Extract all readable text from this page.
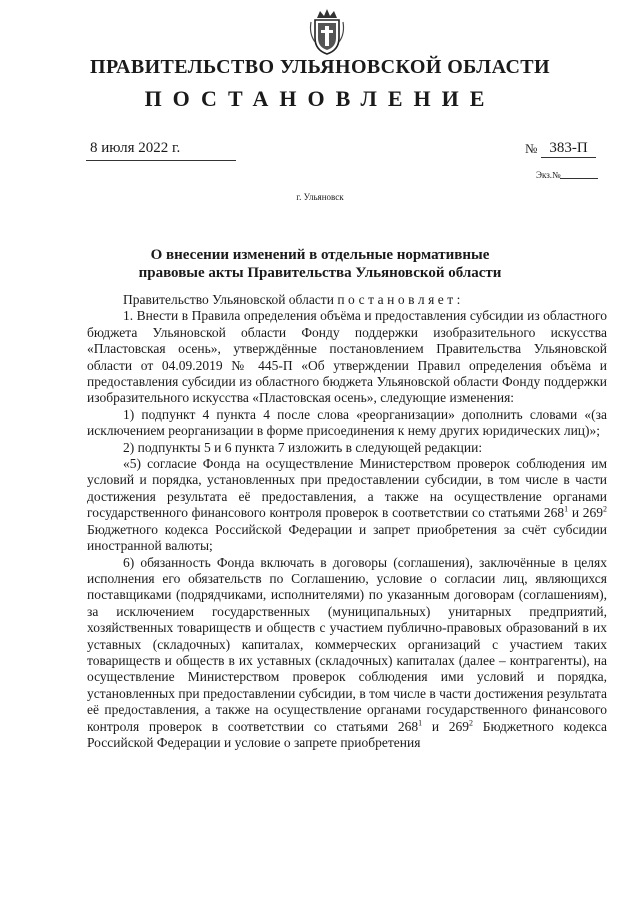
ПРАВИТЕЛЬСТВО УЛЬЯНОВСКОЙ ОБЛАСТИ
ПОСТАНОВЛЕНИЕ
8 июля 2022 г.	№ 383-П
Экз.№
г. Ульяновск
О внесении изменений в отдельные нормативные
правовые акты Правительства Ульяновской области

Правительство Ульяновской области постановляет:

1. Внести в Правила определения объёма и предоставления субсидии из областного бюджета Ульяновской области Фонду поддержки изобразительного искусства «Пластовская осень», утверждённые постановлением Правительства Ульяновской области от 04.09.2019 № 445-П «Об утверждении Правил определения объёма и предоставления субсидии из областного бюджета Ульяновской области Фонду поддержки изобразительного искусства «Пластовская осень», следующие изменения:

1) подпункт 4 пункта 4 после слова «реорганизации» дополнить словами «(за исключением реорганизации в форме присоединения к нему других юридических лиц)»;

2) подпункты 5 и 6 пункта 7 изложить в следующей редакции:

«5) согласие Фонда на осуществление Министерством проверок соблюдения им условий и порядка, установленных при предоставлении субсидии, в том числе в части достижения результата её предоставления, а также на осуществление органами государственного финансового контроля проверок в соответствии со статьями $268^1$ и $269^2$ Бюджетного кодекса Российской Федерации и запрет приобретения за счёт субсидии иностранной валюты;

6) обязанность Фонда включать в договоры (соглашения), заключённые в целях исполнения его обязательств по Соглашению, условие о согласии лиц, являющихся поставщиками (подрядчиками, исполнителями) по указанным договорам (соглашениям), за исключением государственных (муниципальных) унитарных предприятий, хозяйственных товариществ и обществ с участием публично-правовых образований в их уставных (складочных) капиталах, коммерческих организаций с участием таких товариществ и обществ в их уставных (складочных) капиталах (далее – контрагенты), на осуществление Министерством проверок соблюдения ими условий и порядка, установленных при предоставлении субсидии, в том числе в части достижения результата её предоставления, а также на осуществление органами государственного финансового контроля проверок в соответствии со статьями $268^1$ и $269^2$ Бюджетного кодекса Российской Федерации и условие о запрете приобретения
